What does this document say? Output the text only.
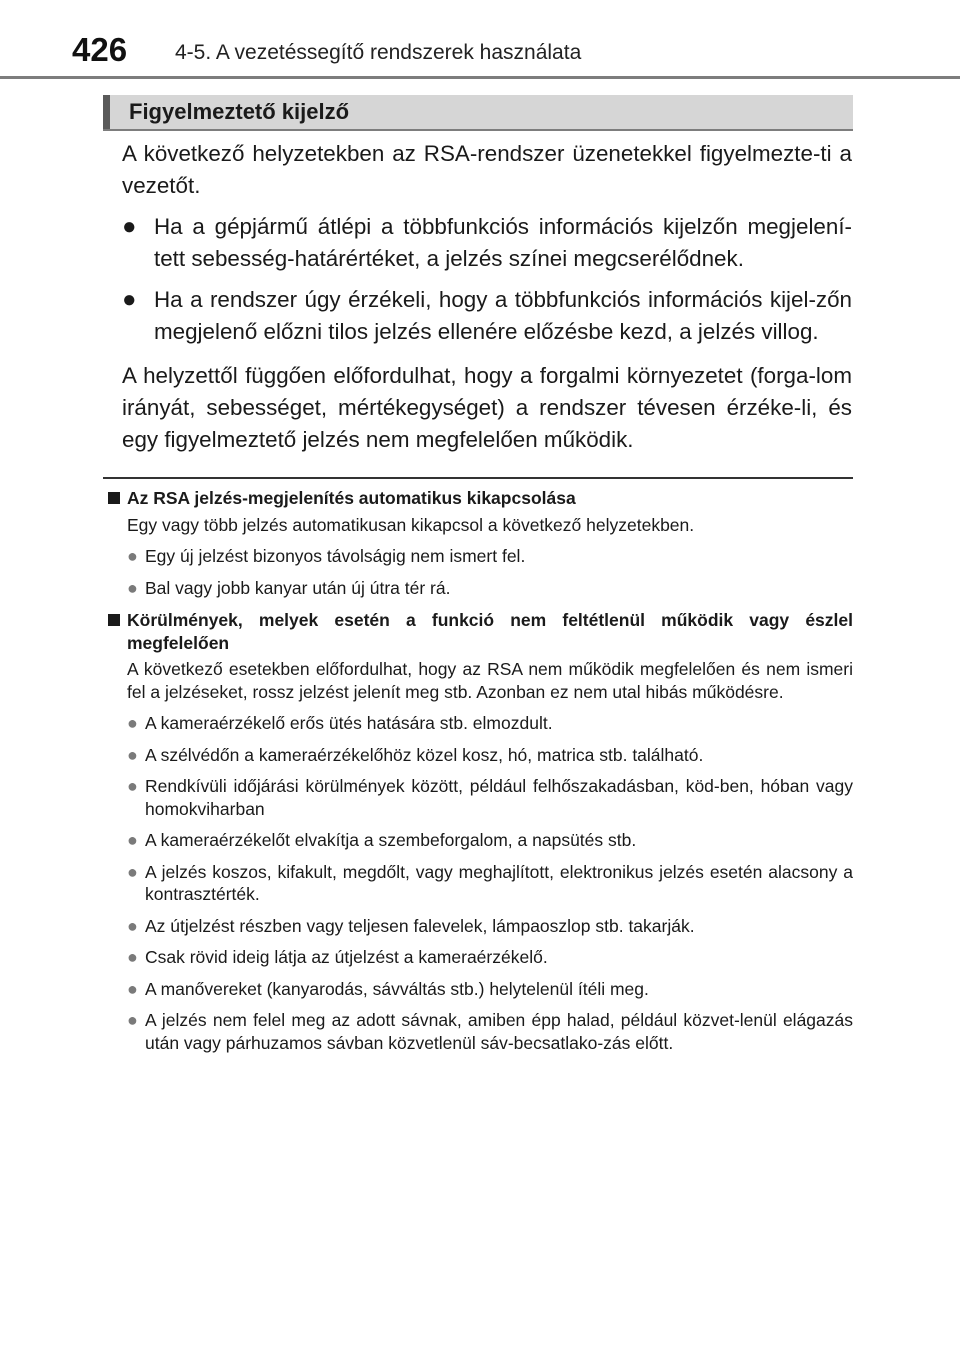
426 4-5. A vezetéssegítő rendszerek használata
Figyelmeztető kijelző

A következő helyzetekben az RSA-rendszer üzenetekkel figyelmezte-ti a vezetőt.

● Ha a gépjármű átlépi a többfunkciós információs kijelzőn megjelení-tett sebesség-határértéket, a jelzés színei megcserélődnek.
● Ha a rendszer úgy érzékeli, hogy a többfunkciós információs kijel-zőn megjelenő előzni tilos jelzés ellenére előzésbe kezd, a jelzés villog.

A helyzettől függően előfordulhat, hogy a forgalmi környezetet (forga-lom irányát, sebességet, mértékegységet) a rendszer tévesen érzéke-li, és egy figyelmeztető jelzés nem megfelelően működik.

Az RSA jelzés-megjelenítés automatikus kikapcsolása
Egy vagy több jelzés automatikusan kikapcsol a következő helyzetekben.
● Egy új jelzést bizonyos távolságig nem ismert fel.
● Bal vagy jobb kanyar után új útra tér rá.
Körülmények, melyek esetén a funkció nem feltétlenül működik vagy észlel megfelelően
A következő esetekben előfordulhat, hogy az RSA nem működik megfelelően és nem ismeri fel a jelzéseket, rossz jelzést jelenít meg stb. Azonban ez nem utal hibás működésre.
● A kameraérzékelő erős ütés hatására stb. elmozdult.
● A szélvédőn a kameraérzékelőhöz közel kosz, hó, matrica stb. található.
● Rendkívüli időjárási körülmények között, például felhőszakadásban, köd-ben, hóban vagy homokviharban
● A kameraérzékelőt elvakítja a szembeforgalom, a napsütés stb.
● A jelzés koszos, kifakult, megdőlt, vagy meghajlított, elektronikus jelzés esetén alacsony a kontrasztérték.
● Az útjelzést részben vagy teljesen falevelek, lámpaoszlop stb. takarják.
● Csak rövid ideig látja az útjelzést a kameraérzékelő.
● A manővereket (kanyarodás, sávváltás stb.) helytelenül ítéli meg.
● A jelzés nem felel meg az adott sávnak, amiben épp halad, például közvet-lenül elágazás után vagy párhuzamos sávban közvetlenül sáv-becsatlako-zás előtt.
